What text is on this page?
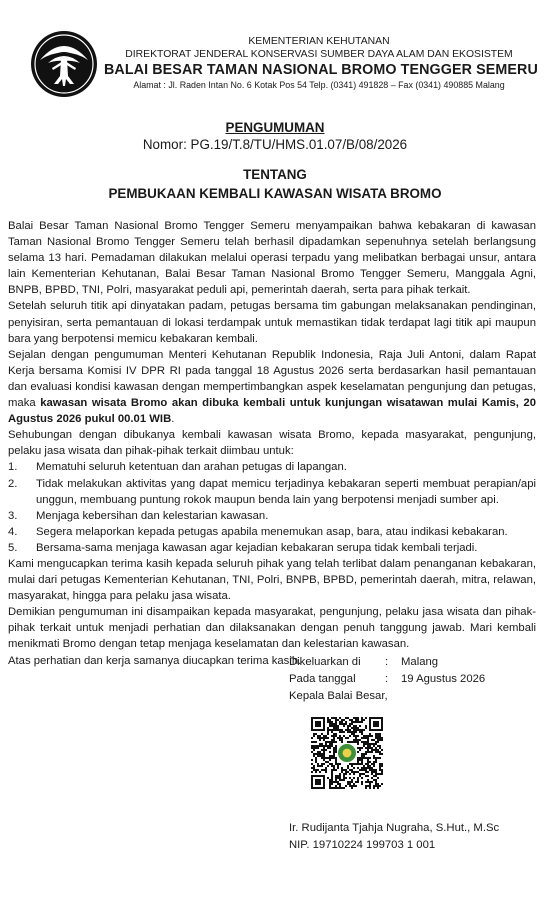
KEMENTERIAN KEHUTANAN
DIREKTORAT JENDERAL KONSERVASI SUMBER DAYA ALAM DAN EKOSISTEM
BALAI BESAR TAMAN NASIONAL BROMO TENGGER SEMERU
Alamat : Jl. Raden Intan No. 6 Kotak Pos 54 Telp. (0341) 491828 – Fax (0341) 490885 Malang
PENGUMUMAN
Nomor: PG.19/T.8/TU/HMS.01.07/B/08/2026
TENTANG
PEMBUKAAN KEMBALI KAWASAN WISATA BROMO

Balai Besar Taman Nasional Bromo Tengger Semeru menyampaikan bahwa kebakaran di kawasan Taman Nasional Bromo Tengger Semeru telah berhasil dipadamkan sepenuhnya setelah berlangsung selama 13 hari. Pemadaman dilakukan melalui operasi terpadu yang melibatkan berbagai unsur, antara lain Kementerian Kehutanan, Balai Besar Taman Nasional Bromo Tengger Semeru, Manggala Agni, BNPB, BPBD, TNI, Polri, masyarakat peduli api, pemerintah daerah, serta para pihak terkait.

Setelah seluruh titik api dinyatakan padam, petugas bersama tim gabungan melaksanakan pendinginan, penyisiran, serta pemantauan di lokasi terdampak untuk memastikan tidak terdapat lagi titik api maupun bara yang berpotensi memicu kebakaran kembali.

Sejalan dengan pengumuman Menteri Kehutanan Republik Indonesia, Raja Juli Antoni, dalam Rapat Kerja bersama Komisi IV DPR RI pada tanggal 18 Agustus 2026 serta berdasarkan hasil pemantauan dan evaluasi kondisi kawasan dengan mempertimbangkan aspek keselamatan pengunjung dan petugas, maka kawasan wisata Bromo akan dibuka kembali untuk kunjungan wisatawan mulai Kamis, 20 Agustus 2026 pukul 00.01 WIB.

Sehubungan dengan dibukanya kembali kawasan wisata Bromo, kepada masyarakat, pengunjung, pelaku jasa wisata dan pihak-pihak terkait diimbau untuk:

1. Mematuhi seluruh ketentuan dan arahan petugas di lapangan.
2. Tidak melakukan aktivitas yang dapat memicu terjadinya kebakaran seperti membuat perapian/api unggun, membuang puntung rokok maupun benda lain yang berpotensi menjadi sumber api.
3. Menjaga kebersihan dan kelestarian kawasan.
4. Segera melaporkan kepada petugas apabila menemukan asap, bara, atau indikasi kebakaran.
5. Bersama-sama menjaga kawasan agar kejadian kebakaran serupa tidak kembali terjadi.

Kami mengucapkan terima kasih kepada seluruh pihak yang telah terlibat dalam penanganan kebakaran, mulai dari petugas Kementerian Kehutanan, TNI, Polri, BNPB, BPBD, pemerintah daerah, mitra, relawan, masyarakat, hingga para pelaku jasa wisata.

Demikian pengumuman ini disampaikan kepada masyarakat, pengunjung, pelaku jasa wisata dan pihak-pihak terkait untuk menjadi perhatian dan dilaksanakan dengan penuh tanggung jawab. Mari kembali menikmati Bromo dengan tetap menjaga keselamatan dan kelestarian kawasan.

Atas perhatian dan kerja samanya diucapkan terima kasih.

Dikeluarkan di	:	Malang
Pada tanggal	:	19 Agustus 2026
Kepala Balai Besar,
Ir. Rudijanta Tjahja Nugraha, S.Hut., M.Sc
NIP. 19710224 199703 1 001
